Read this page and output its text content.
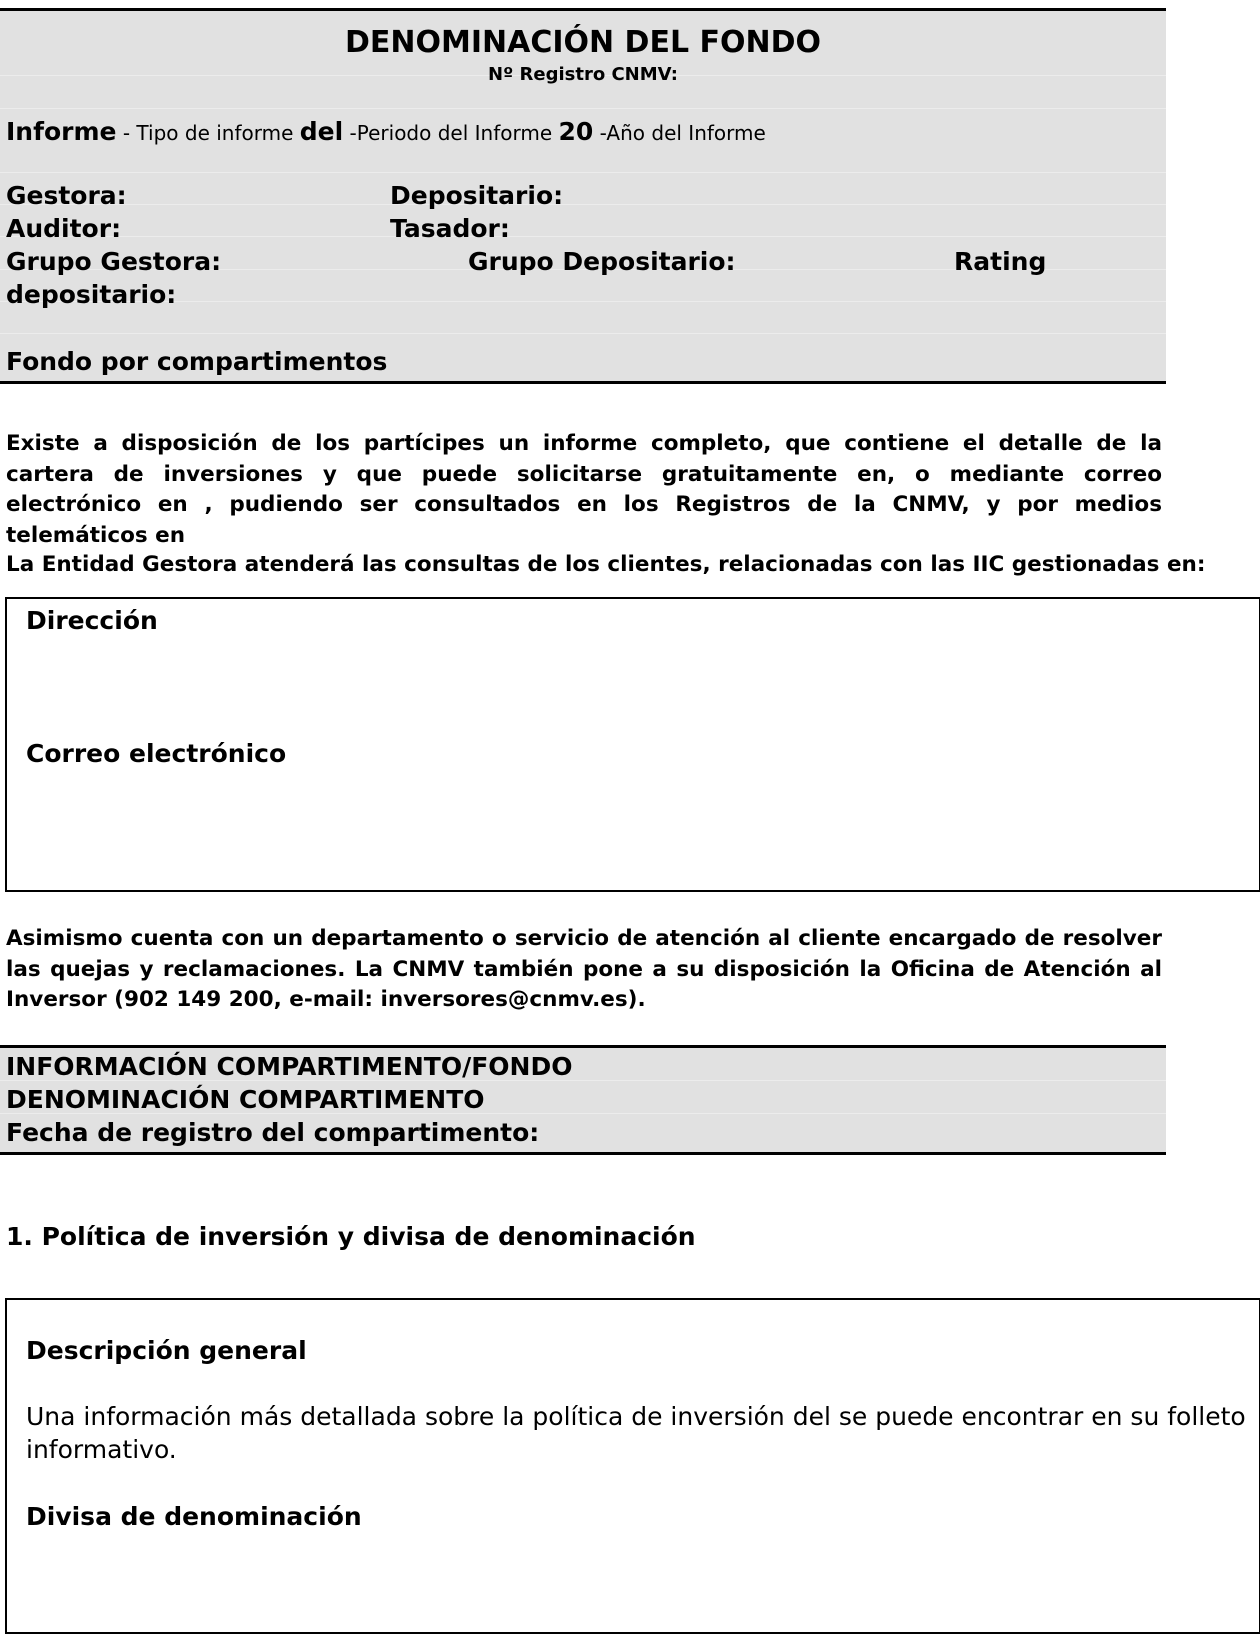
DENOMINACIÓN DEL FONDO
Nº Registro CNMV:
Informe - Tipo de informe del -Periodo del Informe 20 -Año del Informe
Gestora:	Depositario:
Auditor:	Tasador:
Grupo Gestora:	Grupo Depositario:	Rating
depositario:
Fondo por compartimentos
Existe a disposición de los partícipes un informe completo, que contiene el detalle de la cartera de inversiones y que puede solicitarse gratuitamente en, o mediante correo electrónico en , pudiendo ser consultados en los Registros de la CNMV, y por medios telemáticos en
La Entidad Gestora atenderá las consultas de los clientes, relacionadas con las IIC gestionadas en:
Dirección
Correo electrónico
Asimismo cuenta con un departamento o servicio de atención al cliente encargado de resolver las quejas y reclamaciones. La CNMV también pone a su disposición la Oficina de Atención al Inversor (902 149 200, e-mail: inversores@cnmv.es).
INFORMACIÓN COMPARTIMENTO/FONDO
DENOMINACIÓN COMPARTIMENTO
Fecha de registro del compartimento:
1. Política de inversión y divisa de denominación
Descripción general
Una información más detallada sobre la política de inversión del se puede encontrar en su folleto informativo.
Divisa de denominación
